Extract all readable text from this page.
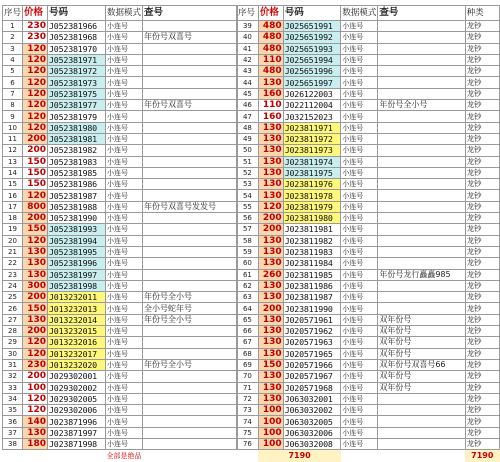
序号	价格	号码	数据模式	查号
1	230	J052381966	小连号	
2	230	J052381968	小连号	年份号双喜号
3	120	J052381970	小连号	
4	120	J052381971	小连号	
5	120	J052381972	小连号	
6	120	J052381973	小连号	
7	120	J052381975	小连号	
8	120	J052381977	小连号	年份号双喜号
9	120	J052381979	小连号	
10	120	J052381980	小连号	
11	200	J052381981	小连号	
12	200	J052381982	小连号	
13	150	J052381983	小连号	
14	150	J052381985	小连号	
15	150	J052381986	小连号	
16	120	J052381987	小连号	
17	800	J052381988	小连号	年份号双喜号发发号
18	200	J052381990	小连号	
19	150	J052381993	小连号	
20	120	J052381994	小连号	
21	130	J052381995	小连号	
22	130	J052381996	小连号	
23	130	J052381997	小连号	
24	300	J052381998	小连号	
25	200	J013232011	小连号	年份号全小号
26	150	J013232013	小连号	全小号蛇年号
27	130	J013232014	小连号	年份号全小号
28	200	J013232015	小连号	
29	120	J013232016	小连号	
30	120	J013232017	小连号	
31	230	J013232020	小连号	年份号全小号
32	200	J029302001	小连号	
33	100	J029302002	小连号	
34	120	J029302005	小连号	
35	120	J029302006	小连号	
36	140	J023871996	小连号	
37	130	J023871997	小连号	
38	180	J023871998	小连号	
			全部是绝品	
序号	价格	号码	数据模式	查号	种类
39	480	J025651991	小连号		龙钞
40	480	J025651992	小连号		龙钞
41	480	J025651993	小连号		龙钞
42	110	J025651994	小连号		龙钞
43	480	J025651996	小连号		龙钞
44	130	J025651997	小连号		龙钞
45	160	J026122003	小连号		龙钞
46	110	J022112004	小连号	年份号全小号	龙钞
47	160	J032152023	小连号		龙钞
48	130	J023811971	小连号		龙钞
49	130	J023811972	小连号		龙钞
50	130	J023811973	小连号		龙钞
51	130	J023811974	小连号		龙钞
52	130	J023811975	小连号		龙钞
53	130	J023811976	小连号		龙钞
54	130	J023811978	小连号		龙钞
55	120	J023811979	小连号		龙钞
56	200	J023811980	小连号		龙钞
57	200	J023811981	小连号		龙钞
58	130	J023811982	小连号		龙钞
59	130	J023811983	小连号		龙钞
60	130	J023811984	小连号		龙钞
61	260	J023811985	小连号	年份号龙行矗矗985	龙钞
62	130	J023811986	小连号		龙钞
63	130	J023811987	小连号		龙钞
64	200	J023811990	小连号		龙钞
65	130	J020571961	小连号	双年份号	龙钞
66	130	J020571962	小连号	双年份号	龙钞
67	130	J020571963	小连号	双年份号	龙钞
68	130	J020571965	小连号	双年份号	龙钞
69	150	J020571966	小连号	双年份号双喜号66	龙钞
70	130	J020571967	小连号	双年份号	龙钞
71	130	J020571968	小连号	双年份号	龙钞
72	130	J063032001	小连号		龙钞
73	100	J063032002	小连号		龙钞
74	100	J063032005	小连号		龙钞
75	100	J063032006	小连号		龙钞
76	100	J063032008	小连号		龙钞
	7190				7190
